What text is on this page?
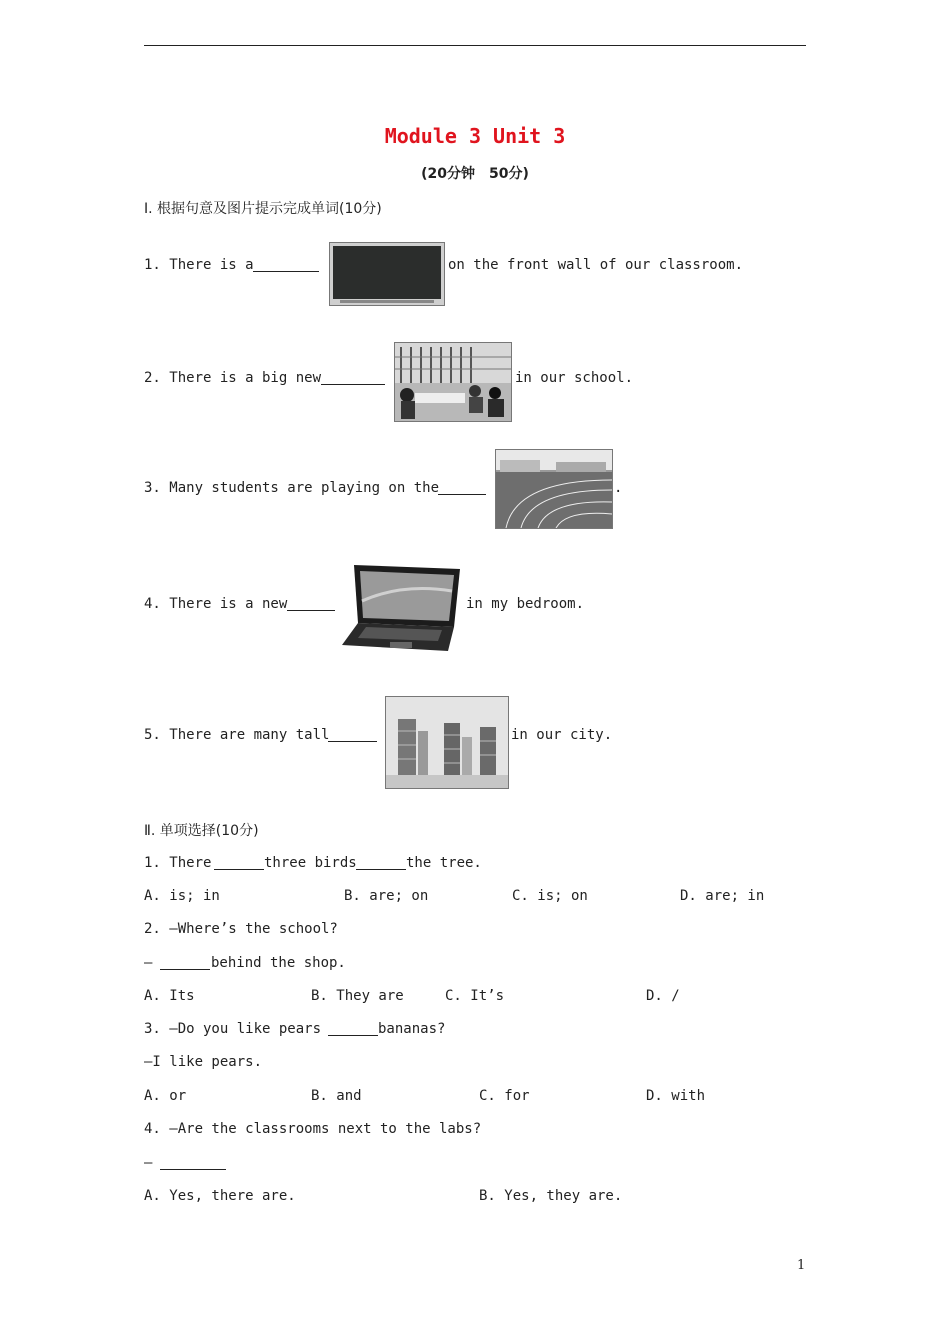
Module 3 Unit 3
(20分钟　50分)
Ⅰ. 根据句意及图片提示完成单词(10分)
1. There is a	on the front wall of our classroom.
2. There is a big new	in our school.
3. Many students are playing on the	.
4. There is a new	in my bedroom.
5. There are many tall	in our city.
Ⅱ. 单项选择(10分)
1. There	three birds	the tree.
A. is; in	B. are; on	C. is; on	D. are; in
2. —Where’s the school?
—	behind the shop.
A. Its	B. They are	C. It’s	D. /
3. —Do you like pears	bananas?
—I like pears.
A. or	B. and	C. for	D. with
4. —Are the classrooms next to the labs?
—
A. Yes, there are.	B. Yes, they are.
1
